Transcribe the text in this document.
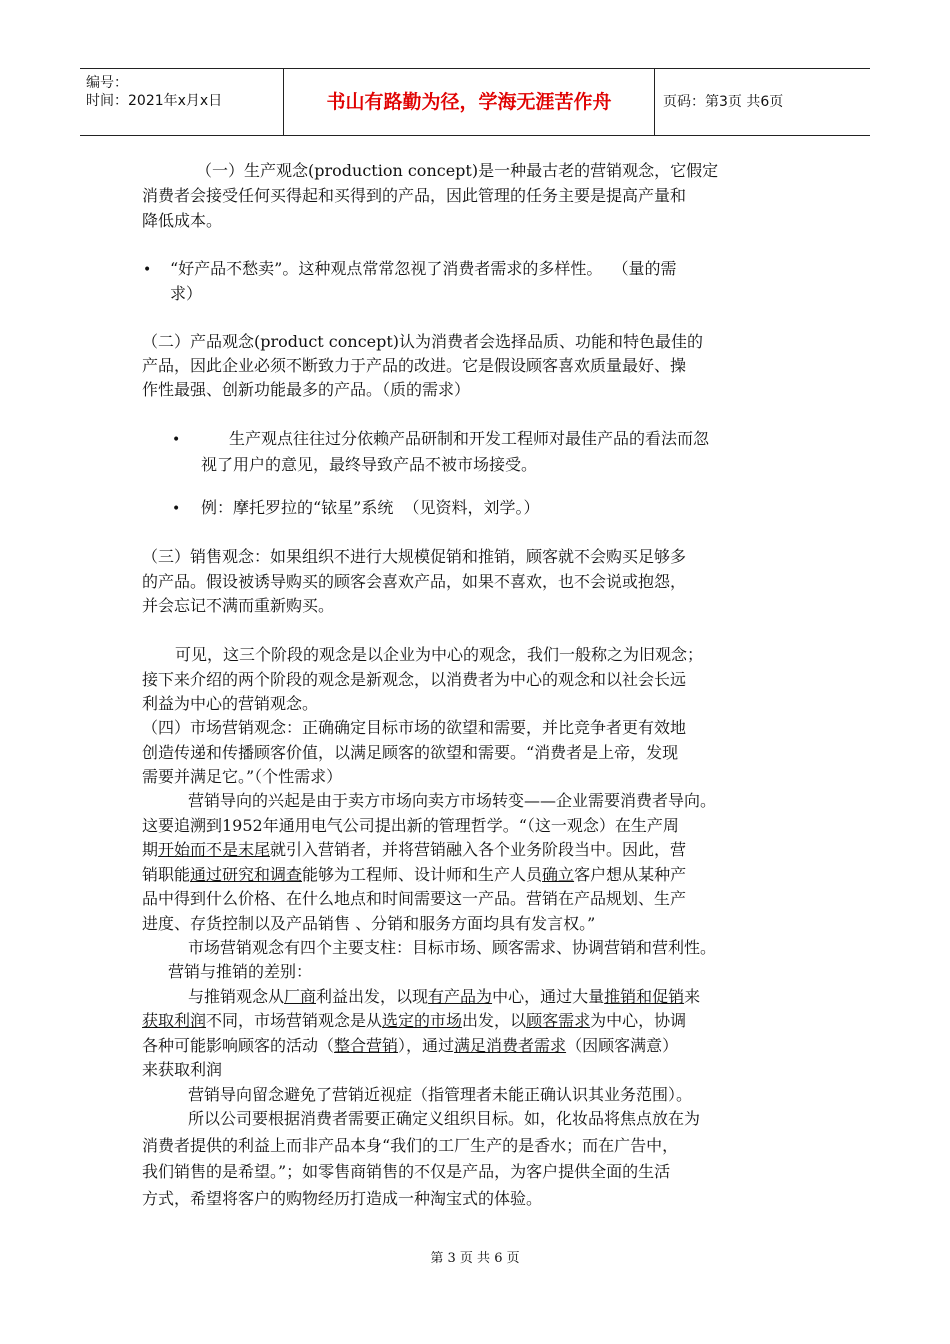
编号：
时间：2021年x月x日	书山有路勤为径，学海无涯苦作舟	页码：第3页 共6页
（一）生产观念(production concept)是一种最古老的营销观念，它假定
消费者会接受任何买得起和买得到的产品，因此管理的任务主要是提高产量和
降低成本。
• “好产品不愁卖”。这种观点常常忽视了消费者需求的多样性。  （量的需
求）
（二）产品观念(product concept)认为消费者会选择品质、功能和特色最佳的
产品，因此企业必须不断致力于产品的改进。它是假设顾客喜欢质量最好、操
作性最强、创新功能最多的产品。（质的需求）
•	生产观点往往过分依赖产品研制和开发工程师对最佳产品的看法而忽
视了用户的意见，最终导致产品不被市场接受。
• 例：摩托罗拉的“铱星”系统  （见资料，刘学。）
（三）销售观念：如果组织不进行大规模促销和推销，顾客就不会购买足够多
的产品。假设被诱导购买的顾客会喜欢产品，如果不喜欢，也不会说或抱怨，
并会忘记不满而重新购买。
可见，这三个阶段的观念是以企业为中心的观念，我们一般称之为旧观念；
接下来介绍的两个阶段的观念是新观念，以消费者为中心的观念和以社会长远
利益为中心的营销观念。
（四）市场营销观念：正确确定目标市场的欲望和需要，并比竞争者更有效地
创造传递和传播顾客价值，以满足顾客的欲望和需要。“消费者是上帝，发现
需要并满足它。”（个性需求）
营销导向的兴起是由于卖方市场向卖方市场转变——企业需要消费者导向。
这要追溯到1952年通用电气公司提出新的管理哲学。“（这一观念）在生产周
期开始而不是末尾就引入营销者，并将营销融入各个业务阶段当中。因此，营
销职能通过研究和调查能够为工程师、设计师和生产人员确立客户想从某种产
品中得到什么价格、在什么地点和时间需要这一产品。营销在产品规划、生产
进度、存货控制以及产品销售 、分销和服务方面均具有发言权。”
市场营销观念有四个主要支柱：目标市场、顾客需求、协调营销和营利性。
营销与推销的差别：
与推销观念从厂商利益出发，以现有产品为中心，通过大量推销和促销来
获取利润不同，市场营销观念是从选定的市场出发，以顾客需求为中心，协调
各种可能影响顾客的活动（整合营销），通过满足消费者需求（因顾客满意）
来获取利润
营销导向留念避免了营销近视症（指管理者未能正确认识其业务范围）。
所以公司要根据消费者需要正确定义组织目标。如，化妆品将焦点放在为
消费者提供的利益上而非产品本身“我们的工厂生产的是香水；而在广告中，
我们销售的是希望。”；如零售商销售的不仅是产品，为客户提供全面的生活
方式，希望将客户的购物经历打造成一种淘宝式的体验。
第 3 页 共 6 页
